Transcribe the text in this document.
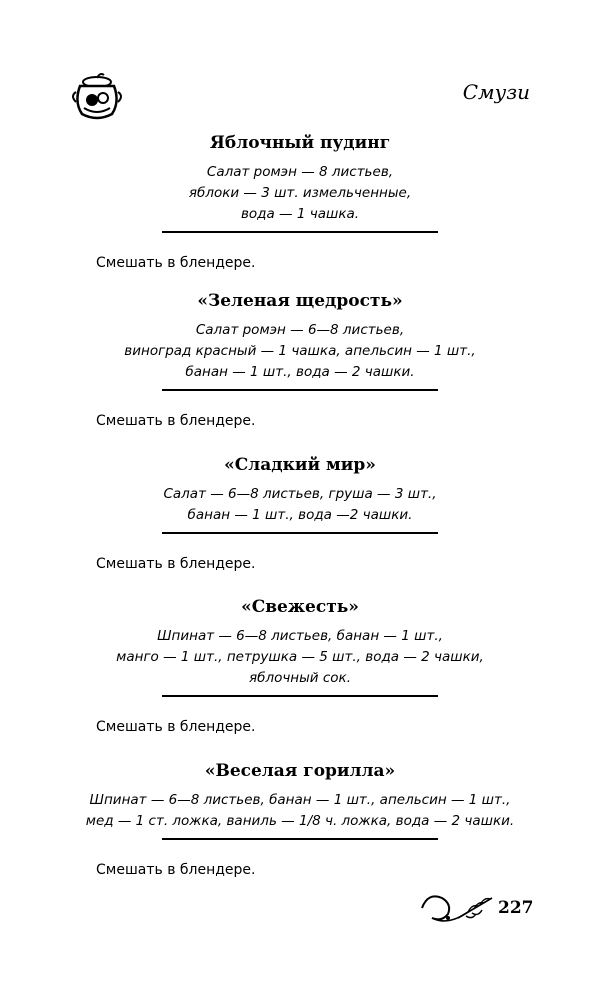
Смузи
Яблочный пудинг
Салат ромэн — 8 листьев,
яблоки — 3 шт. измельченные,
вода — 1 чашка.
Смешать в блендере.
«Зеленая щедрость»
Салат ромэн — 6—8 листьев,
виноград красный — 1 чашка, апельсин — 1 шт.,
банан — 1 шт., вода — 2 чашки.
Смешать в блендере.
«Сладкий мир»
Салат — 6—8 листьев, груша — 3 шт.,
банан — 1 шт., вода —2 чашки.
Смешать в блендере.
«Свежесть»
Шпинат — 6—8 листьев, банан — 1 шт.,
манго — 1 шт., петрушка — 5 шт., вода — 2 чашки,
яблочный сок.
Смешать в блендере.
«Веселая горилла»
Шпинат — 6—8 листьев, банан — 1 шт., апельсин — 1 шт.,
мед — 1 ст. ложка, ваниль — 1/8 ч. ложка, вода — 2 чашки.
Смешать в блендере.
227
